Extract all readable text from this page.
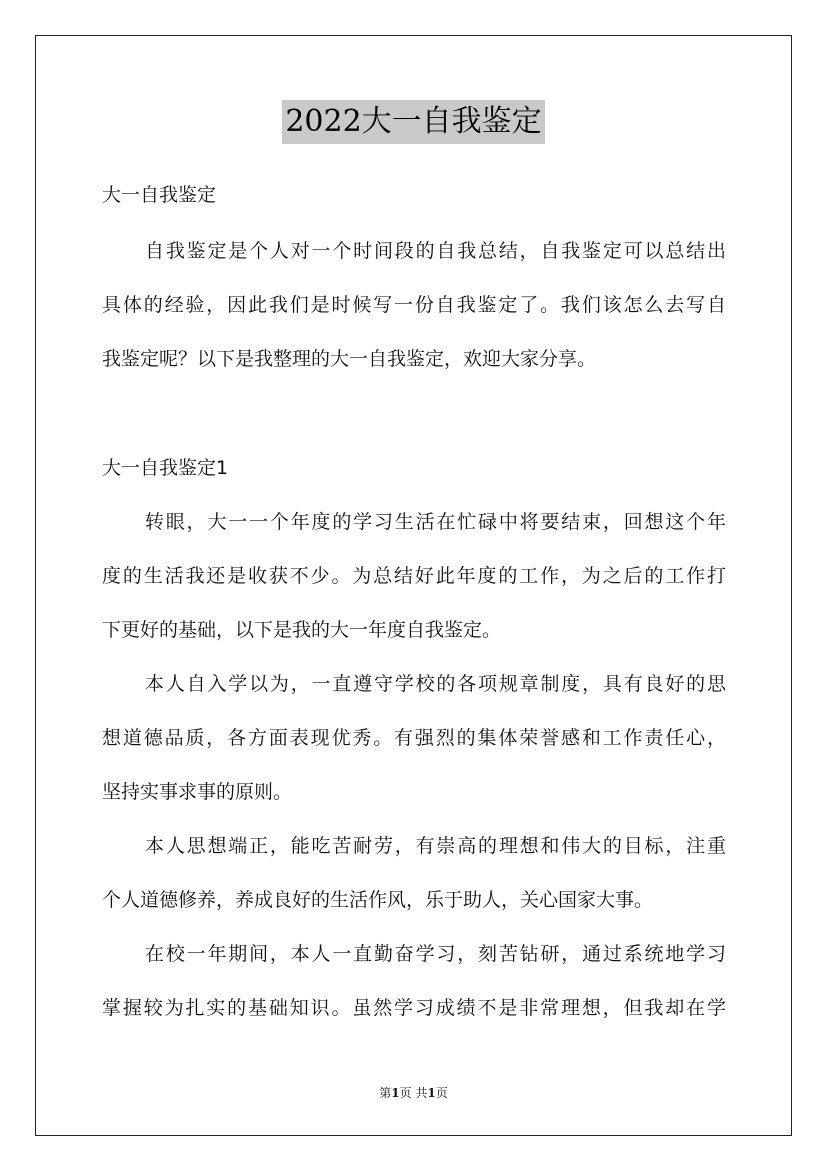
2022大一自我鉴定
大一自我鉴定
自我鉴定是个人对一个时间段的自我总结，自我鉴定可以总结出
具体的经验，因此我们是时候写一份自我鉴定了。我们该怎么去写自
我鉴定呢？以下是我整理的大一自我鉴定，欢迎大家分享。
大一自我鉴定1
转眼，大一一个年度的学习生活在忙碌中将要结束，回想这个年
度的生活我还是收获不少。为总结好此年度的工作，为之后的工作打
下更好的基础，以下是我的大一年度自我鉴定。
本人自入学以为，一直遵守学校的各项规章制度，具有良好的思
想道德品质，各方面表现优秀。有强烈的集体荣誉感和工作责任心，
坚持实事求事的原则。
本人思想端正，能吃苦耐劳，有崇高的理想和伟大的目标，注重
个人道德修养，养成良好的生活作风，乐于助人，关心国家大事。
在校一年期间，本人一直勤奋学习，刻苦钻研，通过系统地学习
掌握较为扎实的基础知识。虽然学习成绩不是非常理想，但我却在学
第1页 共1页
